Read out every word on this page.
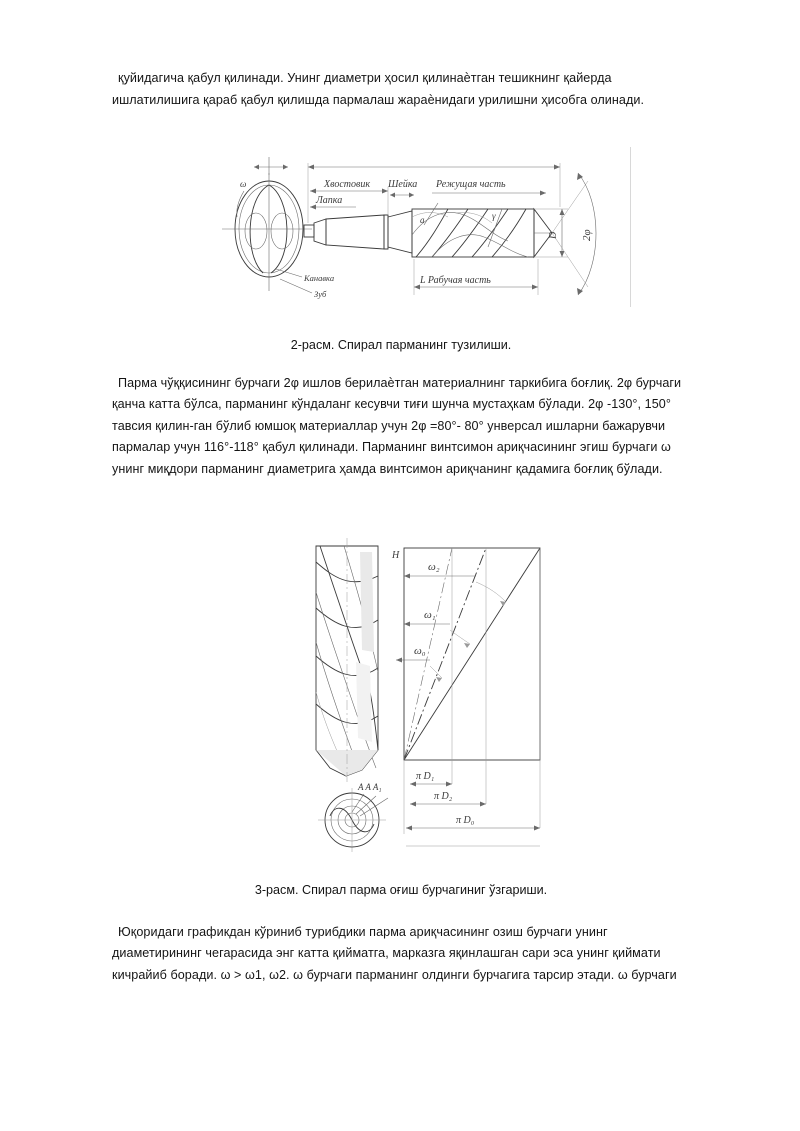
қуйидагича қабул қилинади. Унинг диаметри ҳосил қилинаѐтган тешикнинг қайерда ишлатилишига қараб қабул қилишда пармалаш жараѐнидаги урилишни ҳисобга олинади.

ω
Канавка
Зуб
Хвостовик
Лапка
Шейка Режущая часть
a	γ
L Рабучая часть
D 2φ

2-расм. Спирал парманинг тузилиши.

Парма чўққисининг бурчаги 2φ ишлов берилаѐтган материалнинг таркибига боғлиқ. 2φ бурчаги қанча катта бўлса, парманинг кўндаланг кесувчи тиғи шунча мустаҳкам бўлади. 2φ -130°, 150° тавсия қилин-ган бўлиб юмшоқ материаллар учун 2φ =80°- 80° унверсал ишларни бажарувчи пармалар учун 116°-118° қабул қилинади. Парманинг винтсимон ариқчасининг эгиш бурчаги ω унинг миқдори парманинг диаметрига ҳамда винтсимон ариқчанинг қадамига боғлиқ бўлади.

A A A₁
H
ω₂
ω₁
ω₀
π D₁
π D₂
π D₀

3-расм. Спирал парма оғиш бурчагиниг ўзгариши.

Юқоридаги графикдан кўриниб турибдики парма ариқчасининг озиш бурчаги унинг диаметирининг чегарасида энг катта қийматга, марказга яқинлашган сари эса унинг қиймати кичрайиб боради. ω > ω1, ω2. ω бурчаги парманинг олдинги бурчагига тарсир этади. ω бурчаги
